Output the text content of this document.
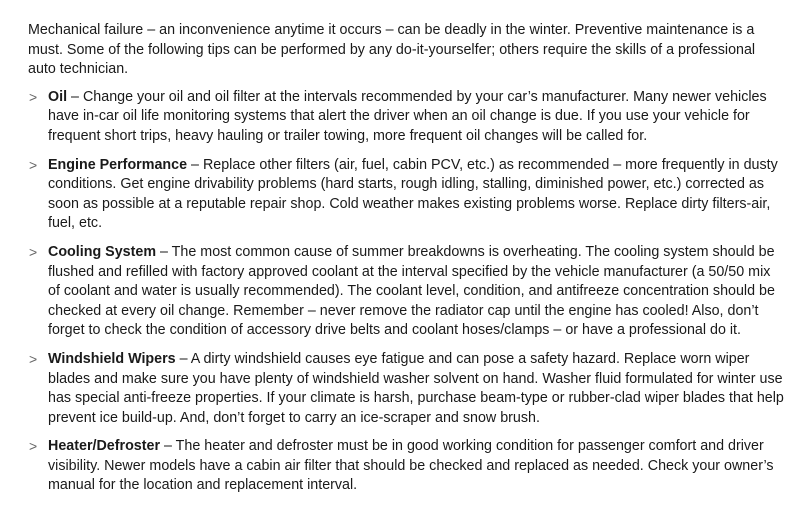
Mechanical failure – an inconvenience anytime it occurs – can be deadly in the winter. Preventive maintenance is a must. Some of the following tips can be performed by any do-it-yourselfer; others require the skills of a professional auto technician.

> Oil – Change your oil and oil filter at the intervals recommended by your car’s manufacturer. Many newer vehicles have in-car oil life monitoring systems that alert the driver when an oil change is due. If you use your vehicle for frequent short trips, heavy hauling or trailer towing, more frequent oil changes will be called for.
> Engine Performance – Replace other filters (air, fuel, cabin PCV, etc.) as recommended – more frequently in dusty conditions. Get engine drivability problems (hard starts, rough idling, stalling, diminished power, etc.) corrected as soon as possible at a reputable repair shop. Cold weather makes existing problems worse. Replace dirty filters-air, fuel, etc.
> Cooling System – The most common cause of summer breakdowns is overheating. The cooling system should be flushed and refilled with factory approved coolant at the interval specified by the vehicle manufacturer (a 50/50 mix of coolant and water is usually recommended). The coolant level, condition, and antifreeze concentration should be checked at every oil change. Remember – never remove the radiator cap until the engine has cooled! Also, don’t forget to check the condition of accessory drive belts and coolant hoses/clamps – or have a professional do it.
> Windshield Wipers – A dirty windshield causes eye fatigue and can pose a safety hazard. Replace worn wiper blades and make sure you have plenty of windshield washer solvent on hand. Washer fluid formulated for winter use has special anti-freeze properties. If your climate is harsh, purchase beam-type or rubber-clad wiper blades that help prevent ice build-up. And, don’t forget to carry an ice-scraper and snow brush.
> Heater/Defroster – The heater and defroster must be in good working condition for passenger comfort and driver visibility. Newer models have a cabin air filter that should be checked and replaced as needed. Check your owner’s manual for the location and replacement interval.
